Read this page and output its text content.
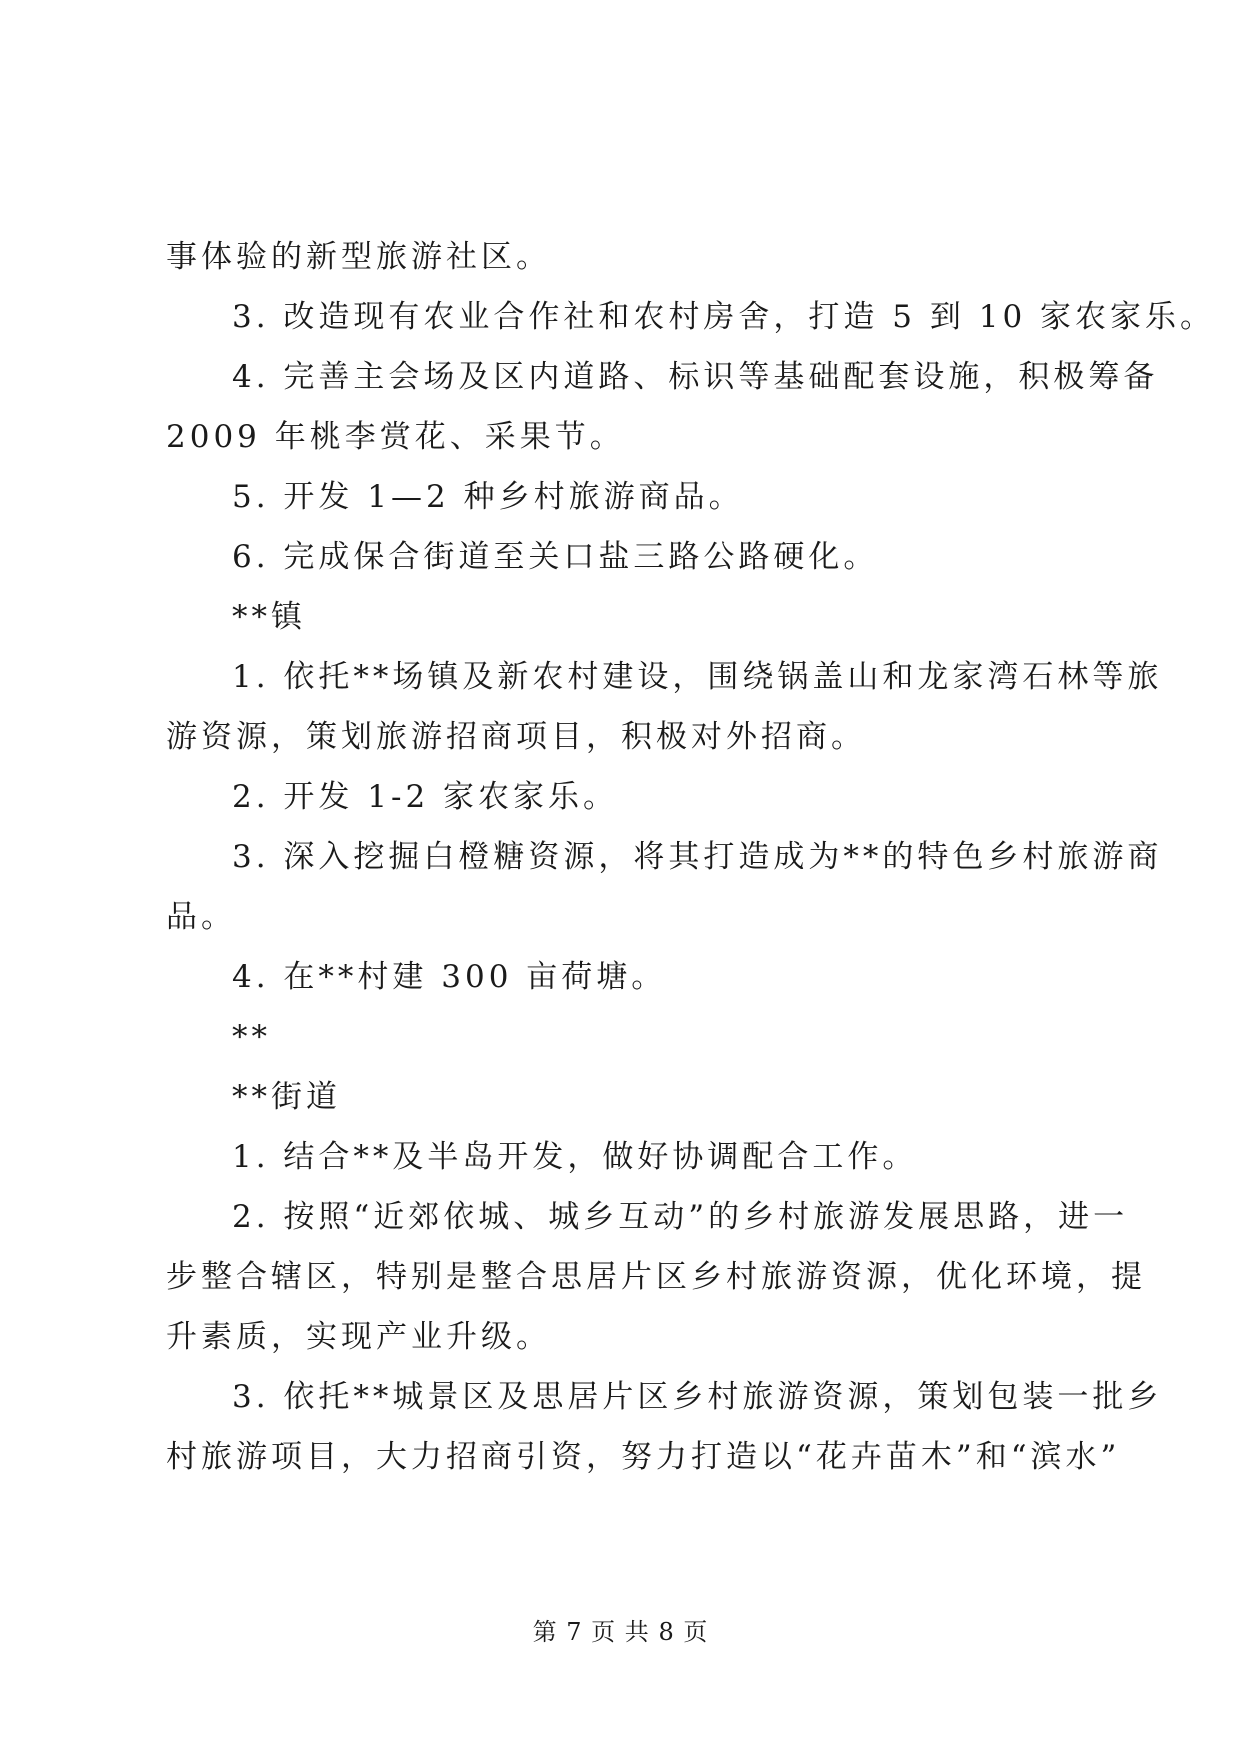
事体验的新型旅游社区。
3. 改造现有农业合作社和农村房舍，打造 5 到 10 家农家乐。
4. 完善主会场及区内道路、标识等基础配套设施，积极筹备
2009 年桃李赏花、采果节。
5. 开发 1—2 种乡村旅游商品。
6. 完成保合街道至关口盐三路公路硬化。
**镇
1. 依托**场镇及新农村建设，围绕锅盖山和龙家湾石林等旅
游资源，策划旅游招商项目，积极对外招商。
2. 开发 1-2 家农家乐。
3. 深入挖掘白橙糖资源，将其打造成为**的特色乡村旅游商
品。
4. 在**村建 300 亩荷塘。
**
**街道
1. 结合**及半岛开发，做好协调配合工作。
2. 按照“近郊依城、城乡互动”的乡村旅游发展思路，进一
步整合辖区，特别是整合思居片区乡村旅游资源，优化环境，提
升素质，实现产业升级。
3. 依托**城景区及思居片区乡村旅游资源，策划包装一批乡
村旅游项目，大力招商引资，努力打造以“花卉苗木”和“滨水”
第 7 页 共 8 页
